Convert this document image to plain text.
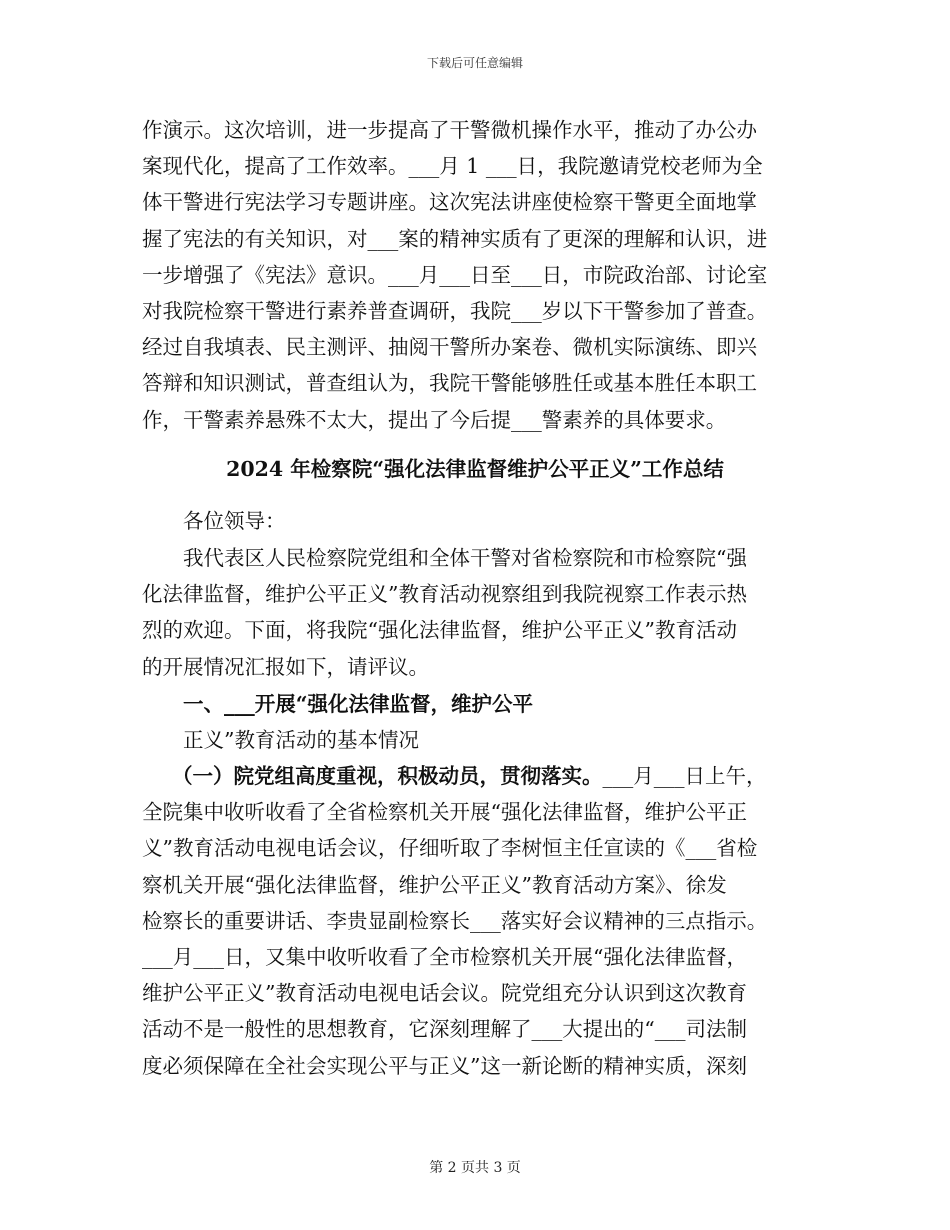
下载后可任意编辑
作演示。这次培训，进一步提高了干警微机操作水平，推动了办公办
案现代化，提高了工作效率。___月 1 ___日，我院邀请党校老师为全
体干警进行宪法学习专题讲座。这次宪法讲座使检察干警更全面地掌
握了宪法的有关知识，对___案的精神实质有了更深的理解和认识，进
一步增强了《宪法》意识。___月___日至___日，市院政治部、讨论室
对我院检察干警进行素养普查调研，我院___岁以下干警参加了普查。
经过自我填表、民主测评、抽阅干警所办案卷、微机实际演练、即兴
答辩和知识测试，普查组认为，我院干警能够胜任或基本胜任本职工
作，干警素养悬殊不太大，提出了今后提___警素养的具体要求。
2024 年检察院“强化法律监督维护公平正义”工作总结
各位领导：
我代表区人民检察院党组和全体干警对省检察院和市检察院“强
化法律监督，维护公平正义”教育活动视察组到我院视察工作表示热
烈的欢迎。下面，将我院“强化法律监督，维护公平正义”教育活动
的开展情况汇报如下，请评议。
一、___开展“强化法律监督，维护公平
正义”教育活动的基本情况
（一）院党组高度重视，积极动员，贯彻落实。___月___日上午，
全院集中收听收看了全省检察机关开展“强化法律监督，维护公平正
义”教育活动电视电话会议，仔细听取了李树恒主任宣读的《___省检
察机关开展“强化法律监督，维护公平正义”教育活动方案》、徐发
检察长的重要讲话、李贵显副检察长___落实好会议精神的三点指示。
___月___日，又集中收听收看了全市检察机关开展“强化法律监督，
维护公平正义”教育活动电视电话会议。院党组充分认识到这次教育
活动不是一般性的思想教育，它深刻理解了___大提出的“___司法制
度必须保障在全社会实现公平与正义”这一新论断的精神实质，深刻
第 2 页共 3 页
